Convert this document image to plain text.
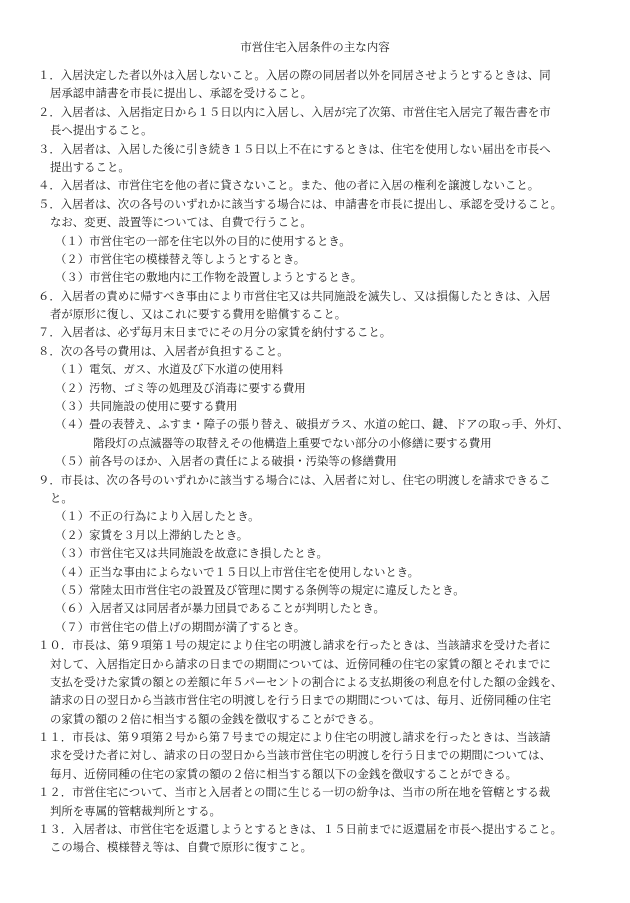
市営住宅入居条件の主な内容
１．入居決定した者以外は入居しないこと。入居の際の同居者以外を同居させようとするときは、同
居承認申請書を市長に提出し、承認を受けること。
２．入居者は、入居指定日から１５日以内に入居し、入居が完了次第、市営住宅入居完了報告書を市
長へ提出すること。
３．入居者は、入居した後に引き続き１５日以上不在にするときは、住宅を使用しない届出を市長へ
提出すること。
４．入居者は、市営住宅を他の者に貸さないこと。また、他の者に入居の権利を譲渡しないこと。
５．入居者は、次の各号のいずれかに該当する場合には、申請書を市長に提出し、承認を受けること。
なお、変更、設置等については、自費で行うこと。
（１）市営住宅の一部を住宅以外の目的に使用するとき。
（２）市営住宅の模様替え等しようとするとき。
（３）市営住宅の敷地内に工作物を設置しようとするとき。
６．入居者の責めに帰すべき事由により市営住宅又は共同施設を滅失し、又は損傷したときは、入居
者が原形に復し、又はこれに要する費用を賠償すること。
７．入居者は、必ず毎月末日までにその月分の家賃を納付すること。
８．次の各号の費用は、入居者が負担すること。
（１）電気、ガス、水道及び下水道の使用料
（２）汚物、ゴミ等の処理及び消毒に要する費用
（３）共同施設の使用に要する費用
（４）畳の表替え、ふすま・障子の張り替え、破損ガラス、水道の蛇口、鍵、ドアの取っ手、外灯、
階段灯の点滅器等の取替えその他構造上重要でない部分の小修繕に要する費用
（５）前各号のほか、入居者の責任による破損・汚染等の修繕費用
９．市長は、次の各号のいずれかに該当する場合には、入居者に対し、住宅の明渡しを請求できるこ
と。
（１）不正の行為により入居したとき。
（２）家賃を３月以上滞納したとき。
（３）市営住宅又は共同施設を故意にき損したとき。
（４）正当な事由によらないで１５日以上市営住宅を使用しないとき。
（５）常陸太田市営住宅の設置及び管理に関する条例等の規定に違反したとき。
（６）入居者又は同居者が暴力団員であることが判明したとき。
（７）市営住宅の借上げの期間が満了するとき。
１０．市長は、第９項第１号の規定により住宅の明渡し請求を行ったときは、当該請求を受けた者に
対して、入居指定日から請求の日までの期間については、近傍同種の住宅の家賃の額とそれまでに
支払を受けた家賃の額との差額に年５パーセントの割合による支払期後の利息を付した額の金銭を、
請求の日の翌日から当該市営住宅の明渡しを行う日までの期間については、毎月、近傍同種の住宅
の家賃の額の２倍に相当する額の金銭を徴収することができる。
１１．市長は、第９項第２号から第７号までの規定により住宅の明渡し請求を行ったときは、当該請
求を受けた者に対し、請求の日の翌日から当該市営住宅の明渡しを行う日までの期間については、
毎月、近傍同種の住宅の家賃の額の２倍に相当する額以下の金銭を徴収することができる。
１２．市営住宅について、当市と入居者との間に生じる一切の紛争は、当市の所在地を管轄とする裁
判所を専属的管轄裁判所とする。
１３．入居者は、市営住宅を返還しようとするときは、１５日前までに返還届を市長へ提出すること。
この場合、模様替え等は、自費で原形に復すこと。
